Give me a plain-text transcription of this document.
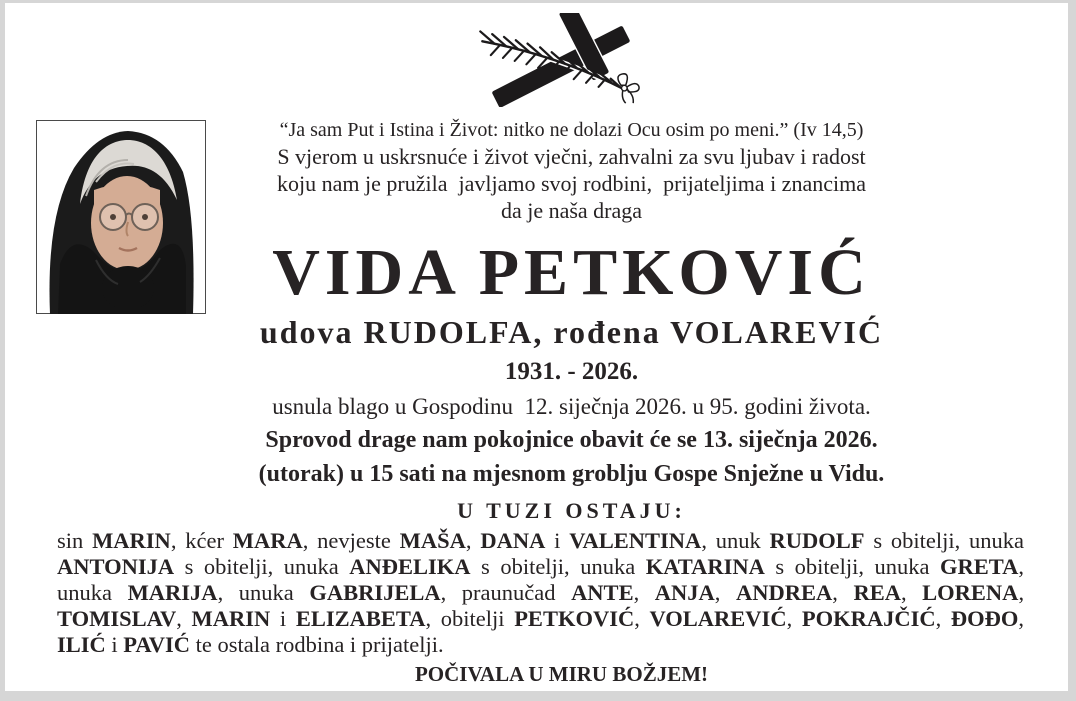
“Ja sam Put i Istina i Život: nitko ne dolazi Ocu osim po meni.” (Iv 14,5)
S vjerom u uskrsnuće i život vječni, zahvalni za svu ljubav i radost
koju nam je pružila  javljamo svoj rodbini,  prijateljima i znancima
da je naša draga
VIDA PETKOVIĆ
udova RUDOLFA, rođena VOLAREVIĆ
1931. - 2026.
usnula blago u Gospodinu  12. siječnja 2026. u 95. godini života.
Sprovod drage nam pokojnice obavit će se 13. siječnja 2026.
(utorak) u 15 sati na mjesnom groblju Gospe Snježne u Vidu.
U TUZI OSTAJU:
sin MARIN, kćer MARA, nevjeste MAŠA, DANA i VALENTINA, unuk RUDOLF s obitelji, unuka ANTONIJA s obitelji, unuka ANĐELIKA s obitelji, unuka KATARINA s obitelji, unuka GRETA, unuka MARIJA, unuka GABRIJELA, praunučad ANTE, ANJA, ANDREA, REA, LORENA, TOMISLAV, MARIN i ELIZABETA, obitelji PETKOVIĆ, VOLAREVIĆ, POKRAJČIĆ, ĐOĐO, ILIĆ i PAVIĆ te ostala rodbina i prijatelji.
POČIVALA U MIRU BOŽJEM!
